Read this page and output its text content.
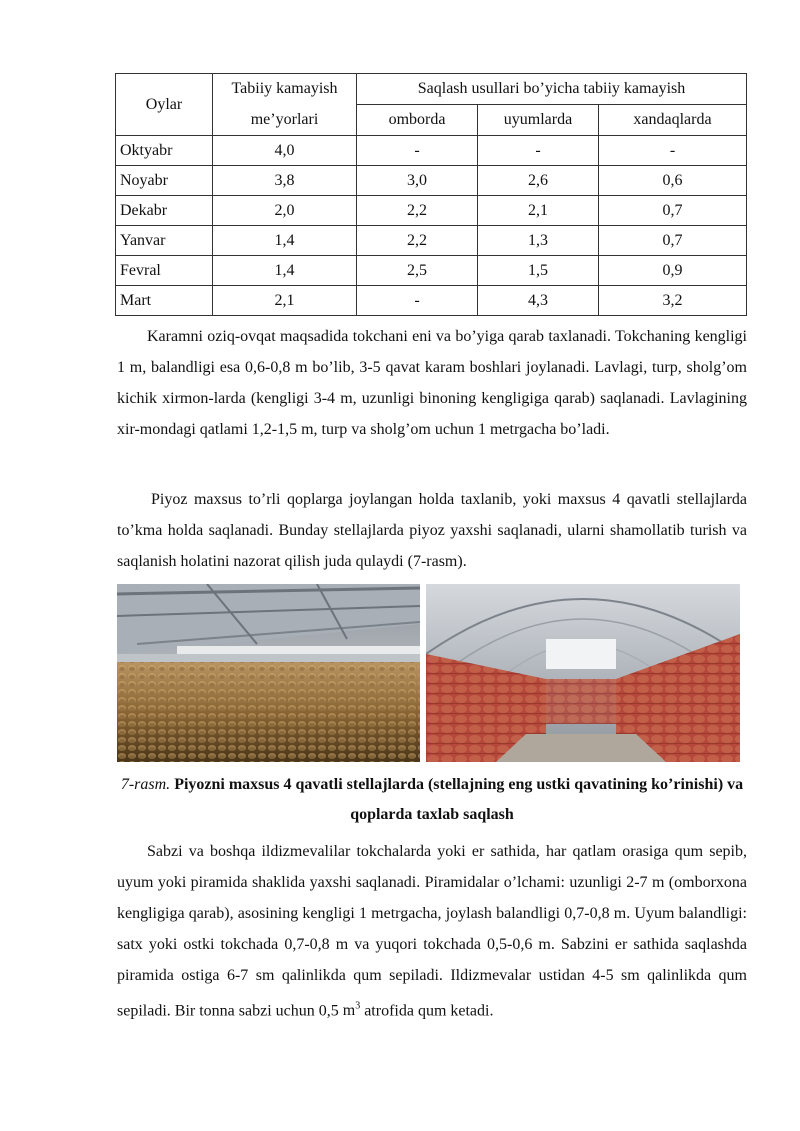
Oylar	Tabiiy kamayish	Saqlash usullari bo’yicha tabiiy kamayish		
	me’yorlari	omborda	uyumlarda	xandaqlarda
Oktyabr	4,0	-	-	-
Noyabr	3,8	3,0	2,6	0,6
Dekabr	2,0	2,2	2,1	0,7
Yanvar	1,4	2,2	1,3	0,7
Fevral	1,4	2,5	1,5	0,9
Mart	2,1	-	4,3	3,2

Karamni oziq-ovqat maqsadida tokchani eni va bo’yiga qarab taxlanadi. Tokchaning kengligi 1 m, balandligi esa 0,6-0,8 m bo’lib, 3-5 qavat karam boshlari joylanadi. Lavlagi, turp, sholg’om kichik xirmon-larda (kengligi 3-4 m, uzunligi binoning kengligiga qarab) saqlanadi. Lavlagining xir-mondagi qatlami 1,2-1,5 m, turp va sholg’om uchun 1 metrgacha bo’ladi.

Piyoz maxsus to’rli qoplarga joylangan holda taxlanib, yoki maxsus 4 qavatli stellajlarda to’kma holda saqlanadi. Bunday stellajlarda piyoz yaxshi saqlanadi, ularni shamollatib turish va saqlanish holatini nazorat qilish juda qulaydi (7-rasm).

7-rasm. Piyozni maxsus 4 qavatli stellajlarda (stellajning eng ustki qavatining ko’rinishi) va qoplarda taxlab saqlash

Sabzi va boshqa ildizmevalilar tokchalarda yoki er sathida, har qatlam orasiga qum sepib, uyum yoki piramida shaklida yaxshi saqlanadi. Piramidalar o’lchami: uzunligi 2-7 m (omborxona kengligiga qarab), asosining kengligi 1 metrgacha, joylash balandligi 0,7-0,8 m. Uyum balandligi: satx yoki ostki tokchada 0,7-0,8 m va yuqori tokchada 0,5-0,6 m. Sabzini er sathida saqlashda piramida ostiga 6-7 sm qalinlikda qum sepiladi. Ildizmevalar ustidan 4-5 sm qalinlikda qum sepiladi. Bir tonna sabzi uchun 0,5 $m^3$ atrofida qum ketadi.
